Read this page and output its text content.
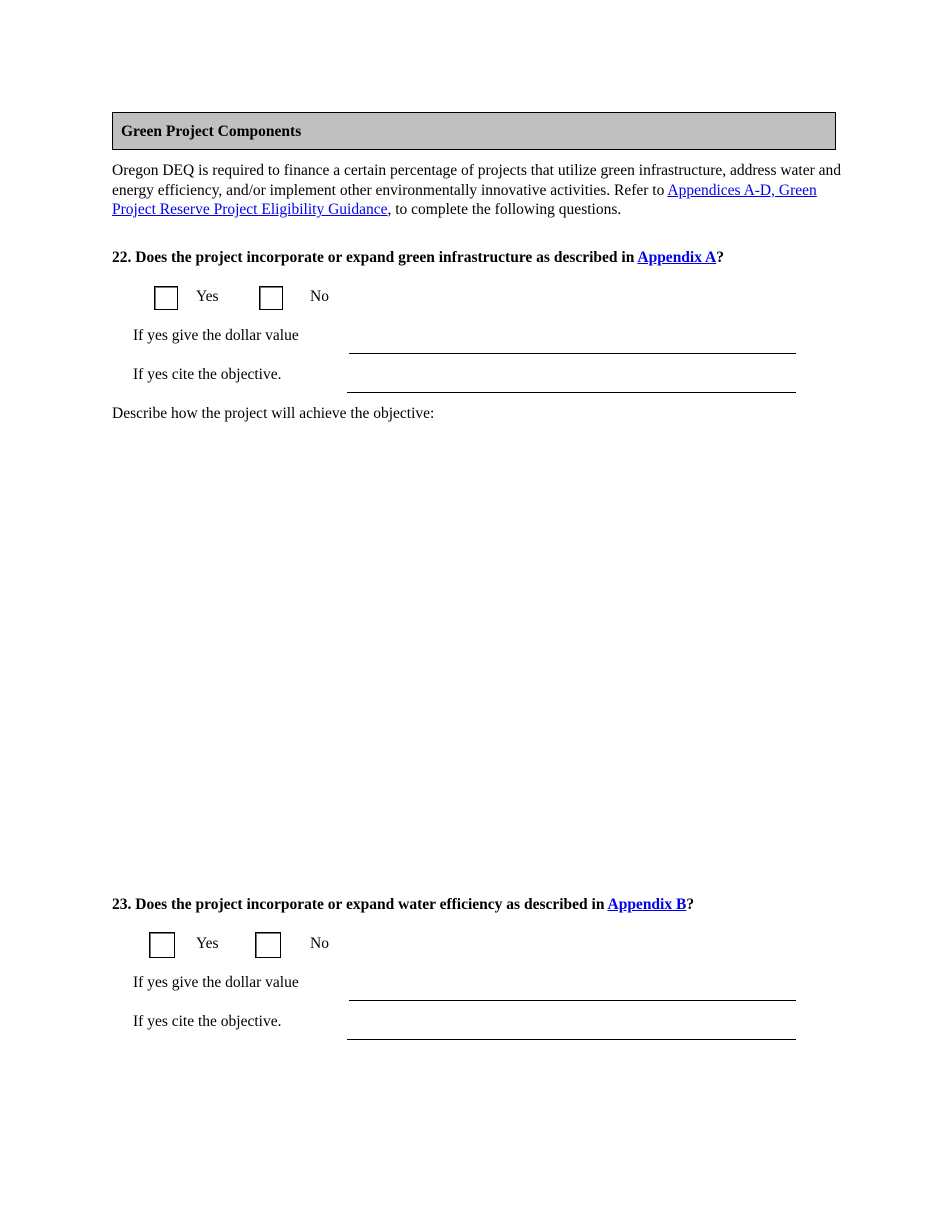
Green Project Components
Oregon DEQ is required to finance a certain percentage of projects that utilize green infrastructure, address water and energy efficiency, and/or implement other environmentally innovative activities. Refer to Appendices A-D, Green Project Reserve Project Eligibility Guidance, to complete the following questions.
22. Does the project incorporate or expand green infrastructure as described in Appendix A?
Yes	No
If yes give the dollar value
If yes cite the objective.
Describe how the project will achieve the objective:
23. Does the project incorporate or expand water efficiency as described in Appendix B?
Yes	No
If yes give the dollar value
If yes cite the objective.
